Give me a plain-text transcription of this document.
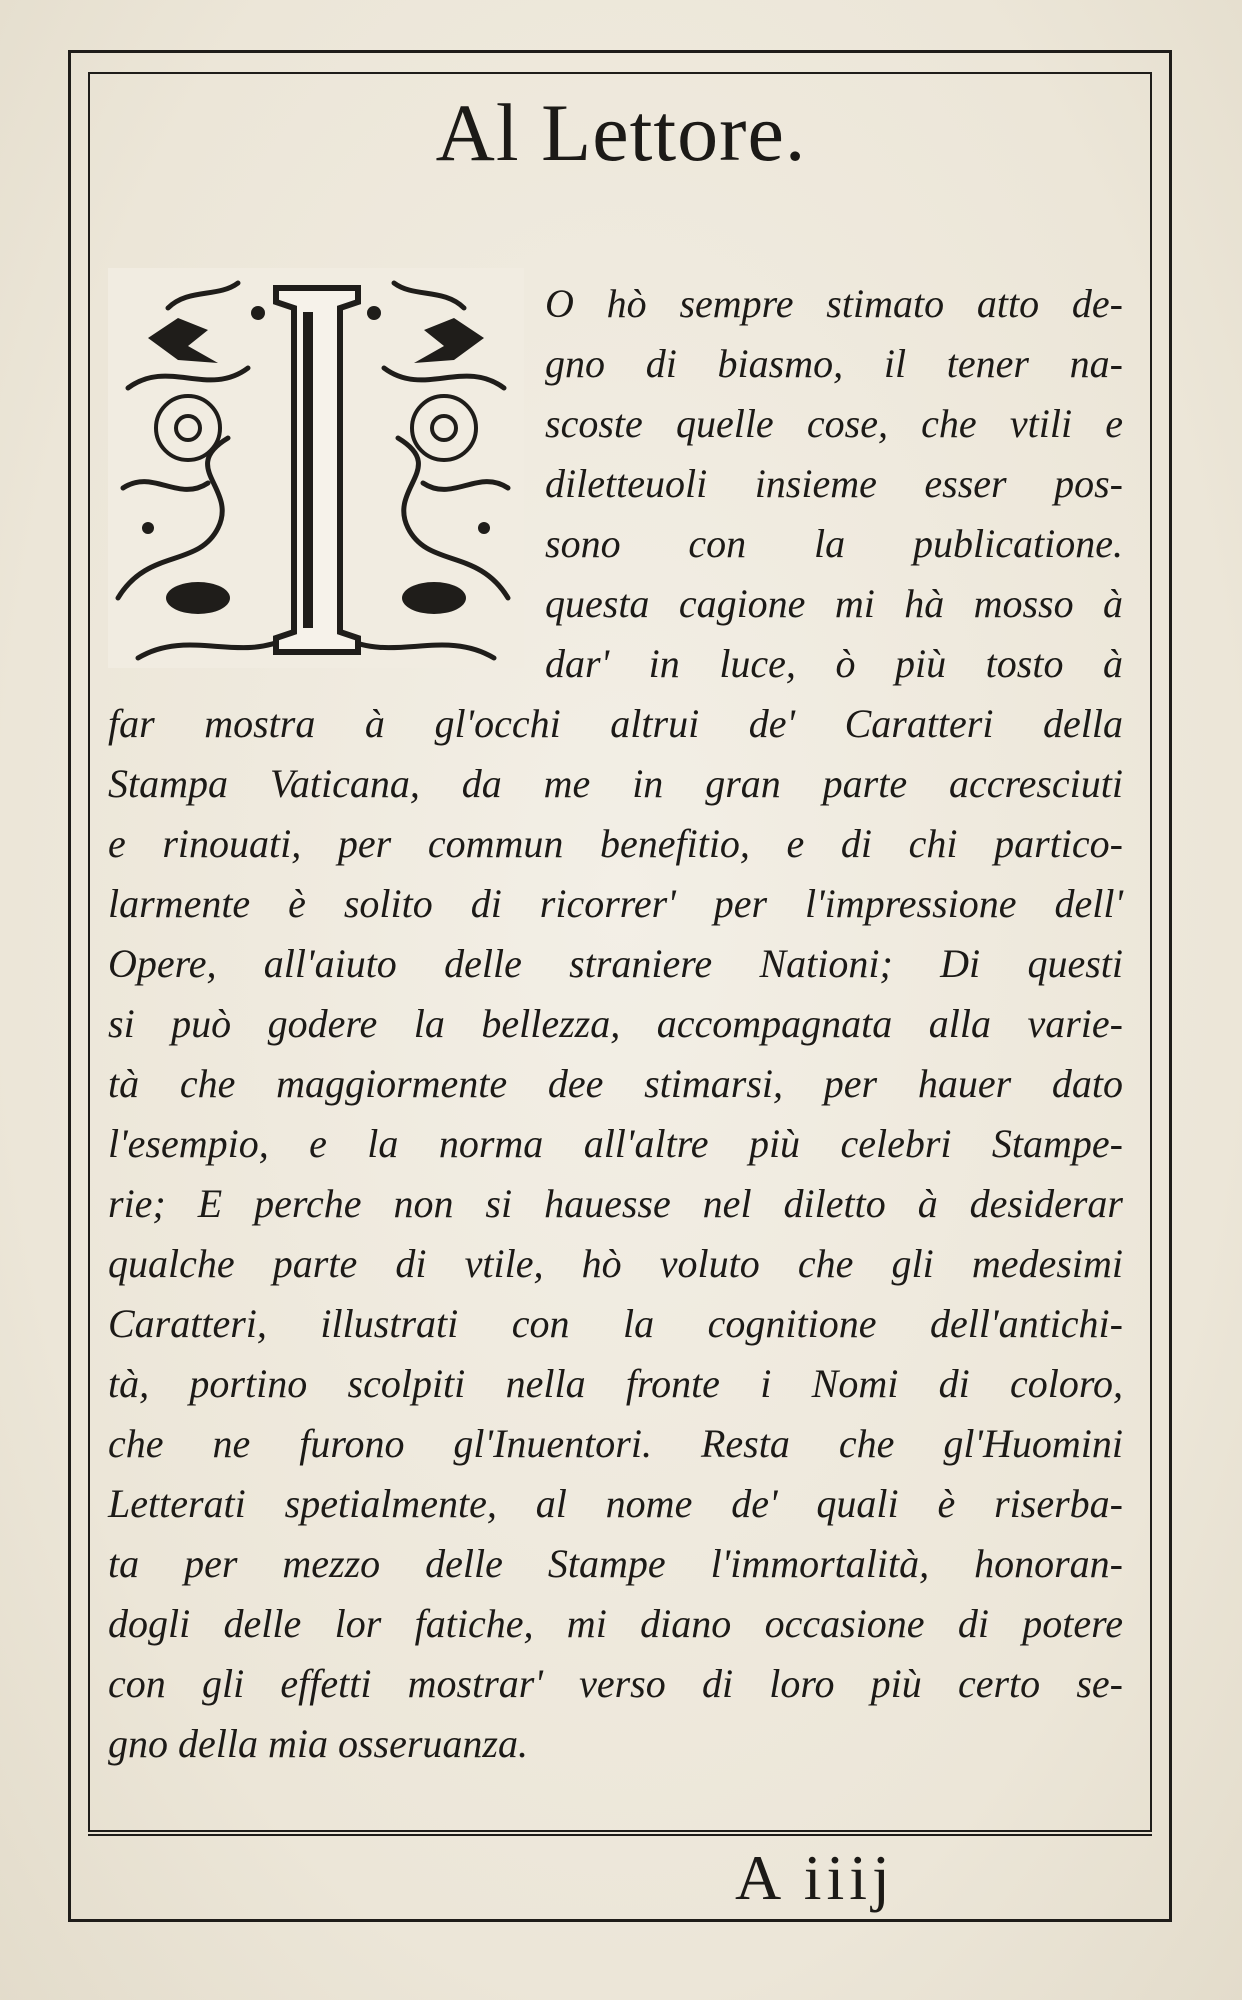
Al Lettore.

O hò sempre stimato atto de-

gno di biasmo, il tener na-

scoste quelle cose, che vtili e

diletteuoli insieme esser pos-

sono con la publicatione.

questa cagione mi hà mosso à

dar' in luce, ò più tosto à

far mostra à gl'occhi altrui de' Caratteri della

Stampa Vaticana, da me in gran parte accresciuti

e rinouati, per commun benefitio, e di chi partico-

larmente è solito di ricorrer' per l'impressione dell'

Opere, all'aiuto delle straniere Nationi; Di questi

si può godere la bellezza, accompagnata alla varie-

tà che maggiormente dee stimarsi, per hauer dato

l'esempio, e la norma all'altre più celebri Stampe-

rie; E perche non si hauesse nel diletto à desiderar

qualche parte di vtile, hò voluto che gli medesimi

Caratteri, illustrati con la cognitione dell'antichi-

tà, portino scolpiti nella fronte i Nomi di coloro,

che ne furono gl'Inuentori. Resta che gl'Huomini

Letterati spetialmente, al nome de' quali è riserba-

ta per mezzo delle Stampe l'immortalità, honoran-

dogli delle lor fatiche, mi diano occasione di potere

con gli effetti mostrar' verso di loro più certo se-

gno della mia osseruanza.

A iiij
